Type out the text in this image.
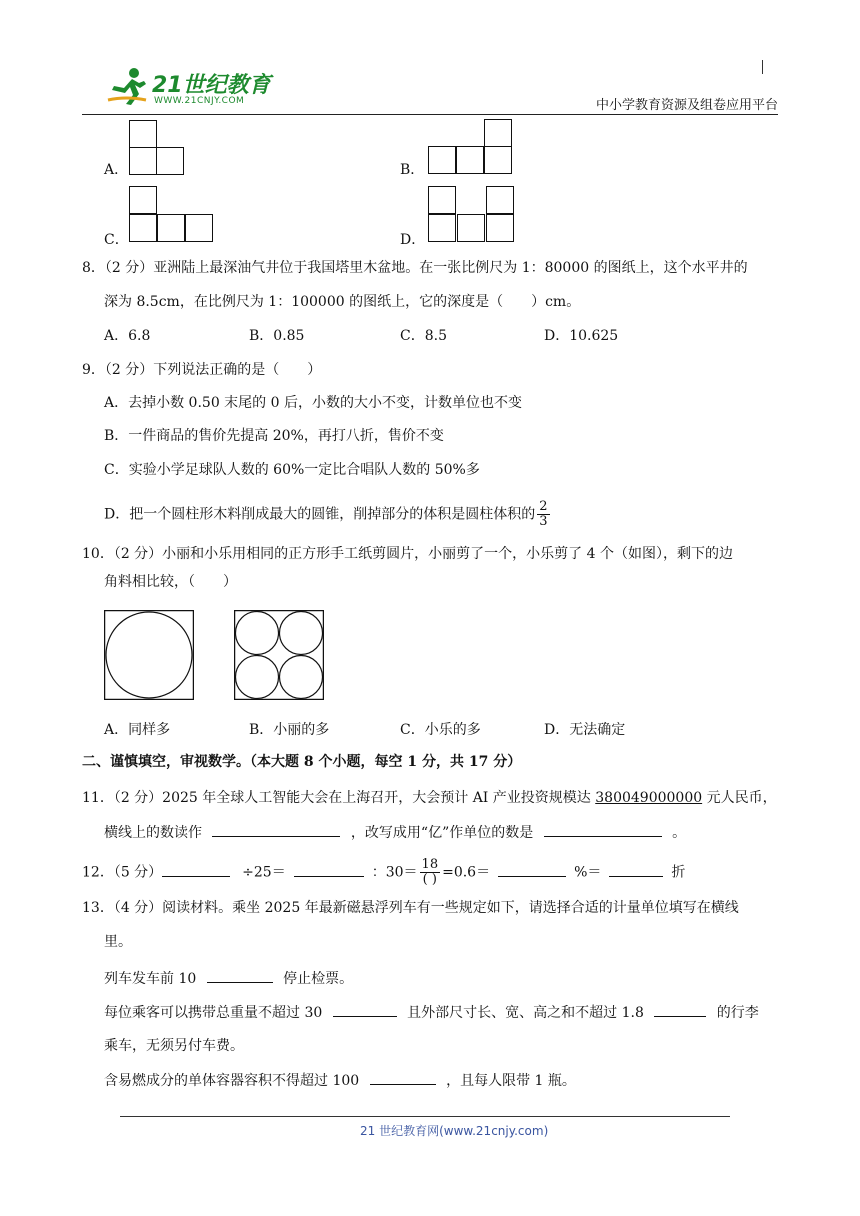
21世纪教育
WWW.21CNJY.COM	中小学教育资源及组卷应用平台
A．	B．
C．	D．
8．（2 分）亚洲陆上最深油气井位于我国塔里木盆地。在一张比例尺为 1：80000 的图纸上，这个水平井的
深为 8.5cm，在比例尺为 1：100000 的图纸上，它的深度是（　　）cm。
A．6.8	B．0.85	C．8.5	D．10.625
9．（2 分）下列说法正确的是（　　）
A．去掉小数 0.50 末尾的 0 后，小数的大小不变，计数单位也不变
B．一件商品的售价先提高 20%，再打八折，售价不变
C．实验小学足球队人数的 60%一定比合唱队人数的 50%多
D．把一个圆柱形木料削成最大的圆锥，削掉部分的体积是圆柱体积的 $\frac{2}{3}$
10．（2 分）小丽和小乐用相同的正方形手工纸剪圆片，小丽剪了一个，小乐剪了 4 个（如图），剩下的边
角料相比较，（　　）
A．同样多	B．小丽的多	C．小乐的多	D．无法确定
二、谨慎填空，审视数学。（本大题 8 个小题，每空 1 分，共 17 分）
11．（2 分）2025 年全球人工智能大会在上海召开，大会预计 AI 产业投资规模达 380049000000 元人民币，
横线上的数读作	，改写成用“亿”作单位的数是	。
12．（5 分）	÷25＝	：$30= \frac{18}{( )} =0.6=$	%＝	折
13．（4 分）阅读材料。乘坐 2025 年最新磁悬浮列车有一些规定如下，请选择合适的计量单位填写在横线
里。
列车发车前 10	停止检票。
每位乘客可以携带总重量不超过 30	且外部尺寸长、宽、高之和不超过 1.8	的行李
乘车，无须另付车费。
含易燃成分的单体容器容积不得超过 100	，且每人限带 1 瓶。
21 世纪教育网(www.21cnjy.com)
